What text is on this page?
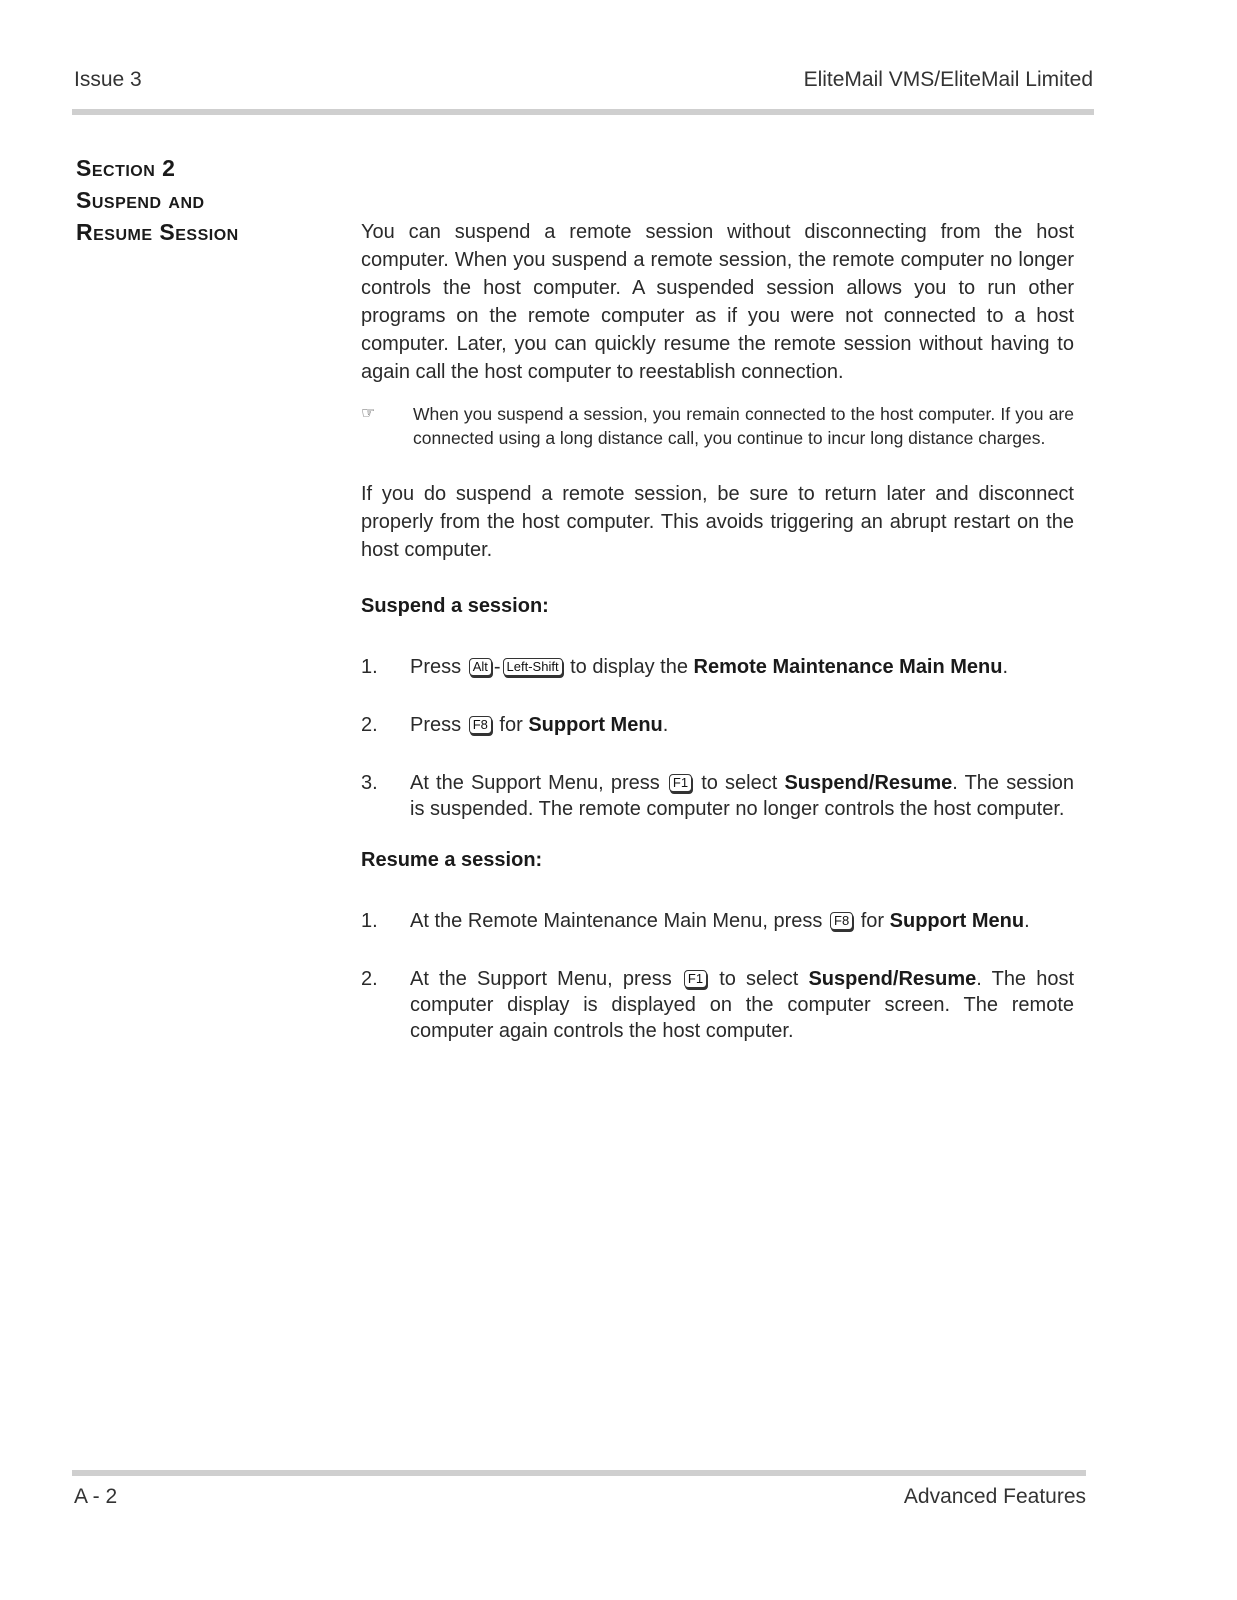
Issue 3	EliteMail VMS/EliteMail Limited
Section 2
Suspend and
Resume Session	You can suspend a remote session without disconnecting from the host computer. When you suspend a remote session, the remote computer no longer controls the host computer. A suspended session allows you to run other programs on the remote computer as if you were not connected to a host computer. Later, you can quickly resume the remote session without having to again call the host computer to reestablish connection.

☞	When you suspend a session, you remain connected to the host computer. If you are connected using a long distance call, you continue to incur long distance charges.

If you do suspend a remote session, be sure to return later and disconnect properly from the host computer. This avoids triggering an abrupt restart on the host computer.

Suspend a session:
1.	Press Alt - Left-Shift to display the Remote Maintenance Main Menu.
2.	Press F8 for Support Menu.
3.	At the Support Menu, press F1 to select Suspend/Resume. The session is suspended. The remote computer no longer controls the host computer.
Resume a session:
1.	At the Remote Maintenance Main Menu, press F8 for Support Menu.
2.	At the Support Menu, press F1 to select Suspend/Resume. The host computer display is displayed on the computer screen. The remote computer again controls the host computer.
A - 2	Advanced Features
